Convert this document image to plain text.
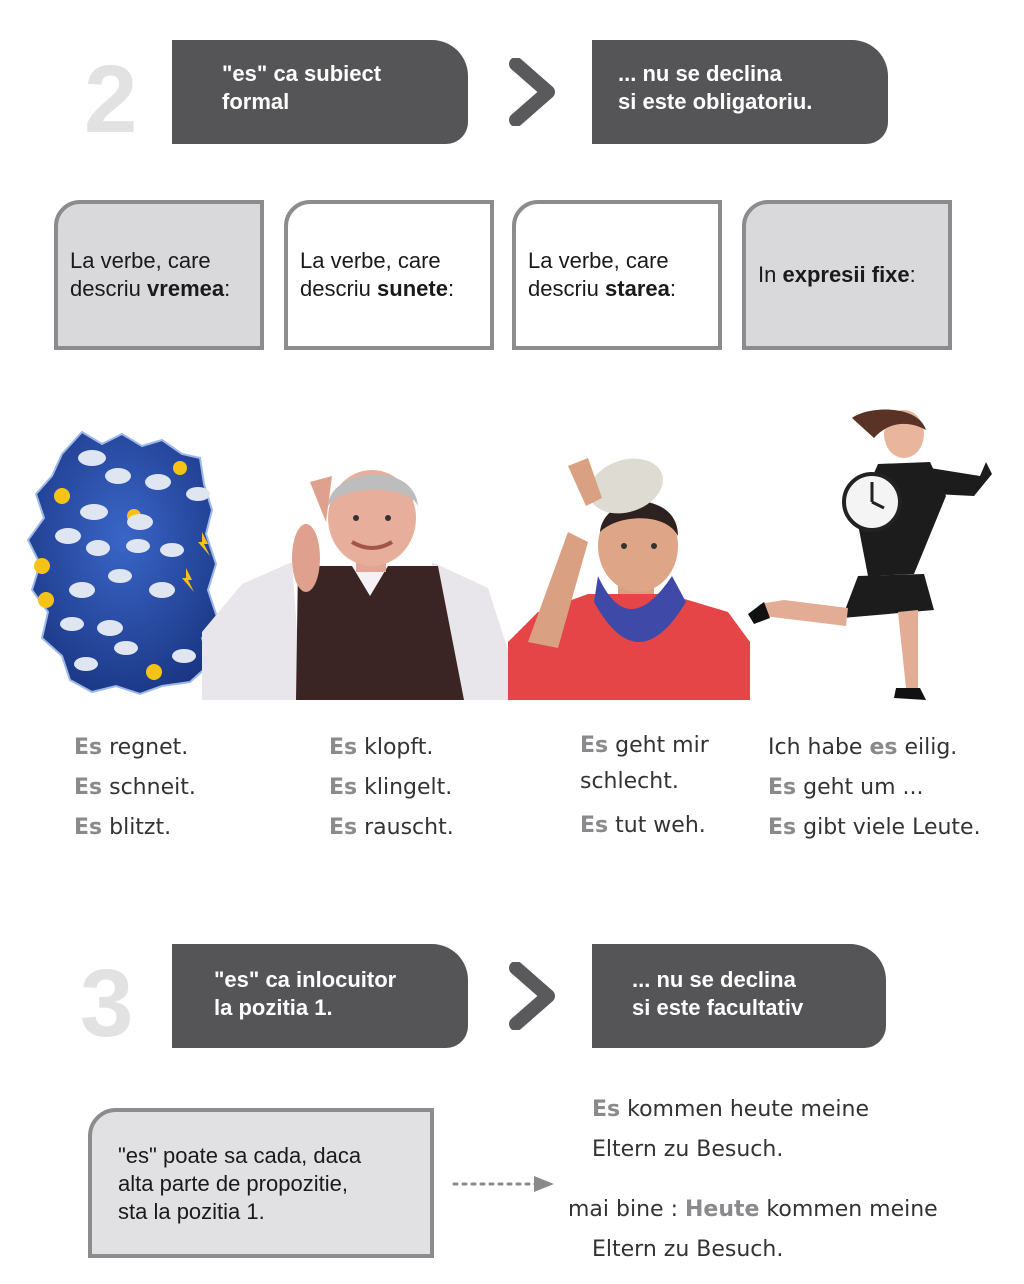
2	"es" ca subiect
formal
... nu se declina
si este obligatoriu.
La verbe, care descriu vremea:
La verbe, care descriu sunete:
La verbe, care descriu starea:
In expresii fixe:
Es regnet.
Es schneit.
Es blitzt.
Es klopft.
Es klingelt.
Es rauscht.
Es geht mir
schlecht.
Es tut weh.
Ich habe es eilig.
Es geht um ...
Es gibt viele Leute.
3	"es" ca inlocuitor
la pozitia 1.
... nu se declina
si este facultativ
"es" poate sa cada, daca
alta parte de propozitie,
sta la pozitia 1.
Es kommen heute meine
Eltern zu Besuch.
mai bine : Heute kommen meine
Eltern zu Besuch.
